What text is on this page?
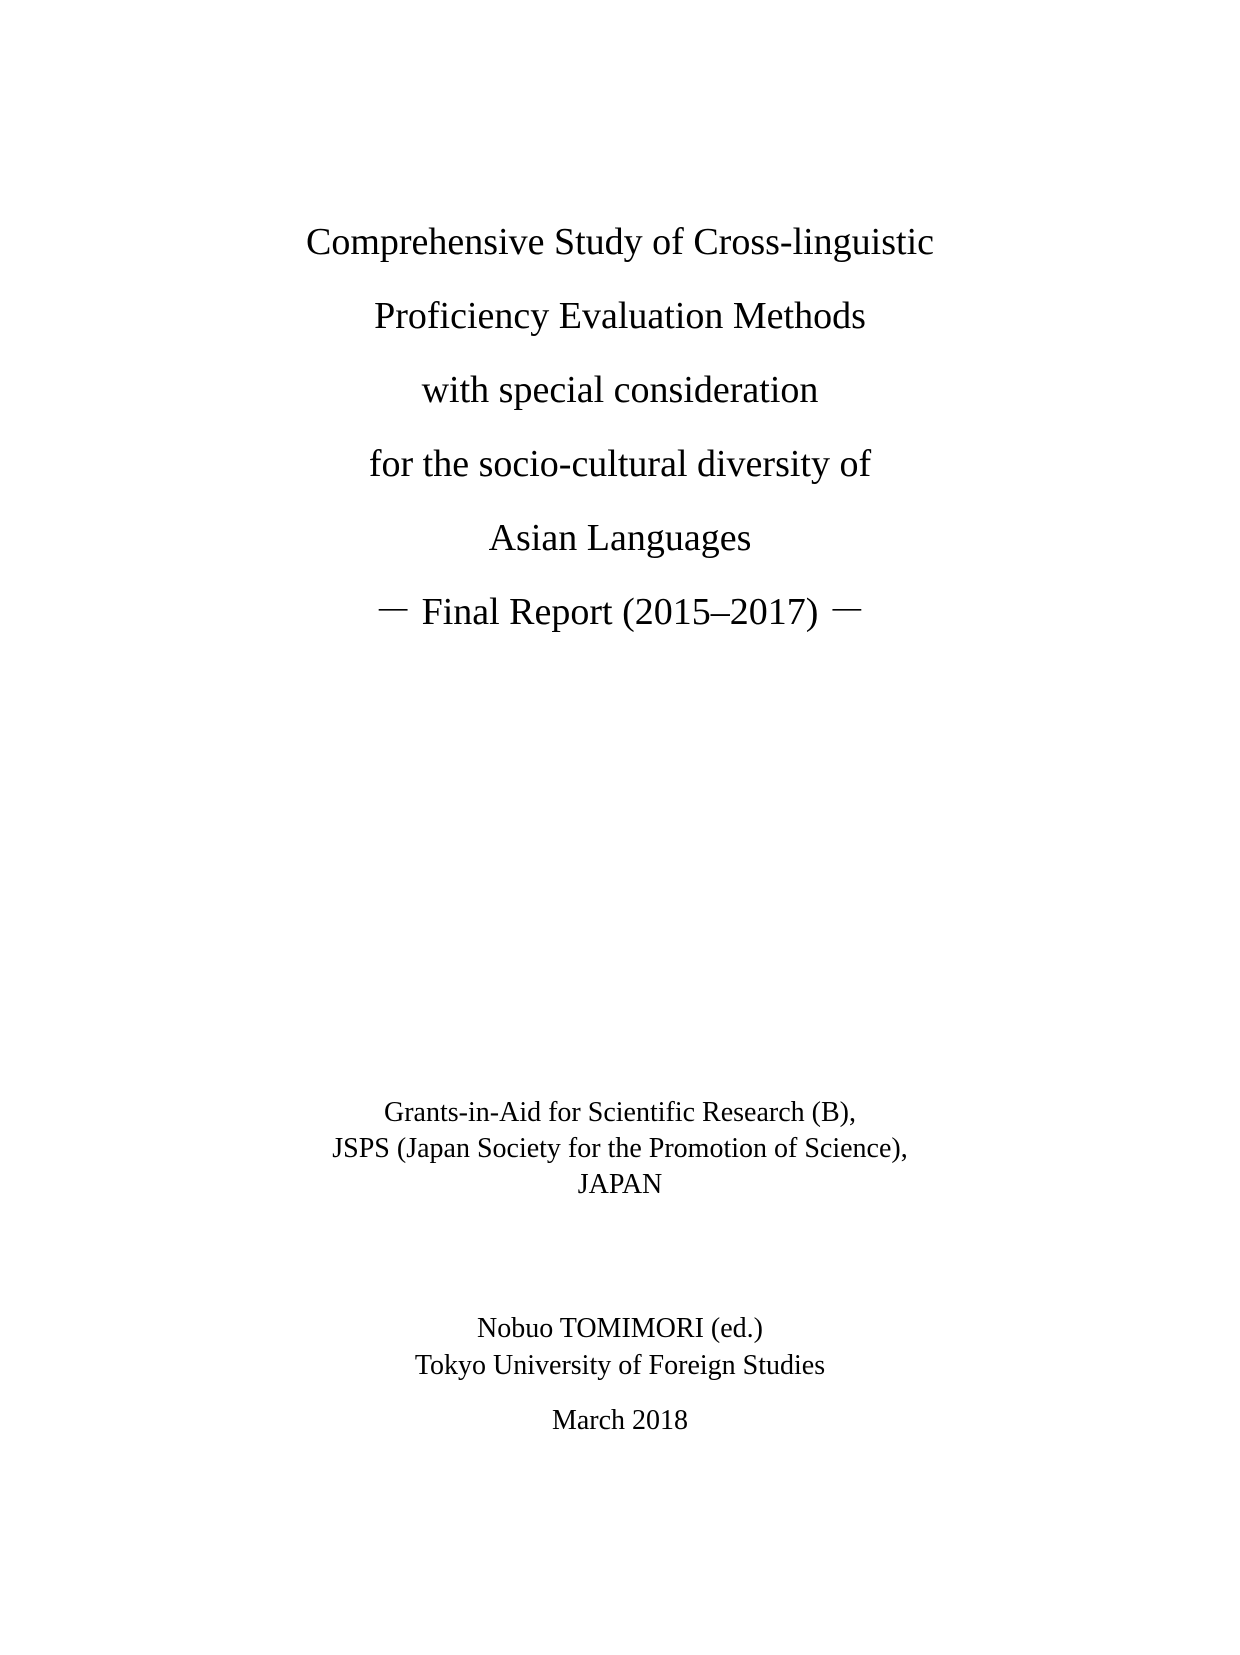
Comprehensive Study of Cross-linguistic
Proficiency Evaluation Methods
with special consideration
for the socio-cultural diversity of
Asian Languages
－ Final Report (2015–2017) －
Grants-in-Aid for Scientific Research (B),
JSPS (Japan Society for the Promotion of Science),
JAPAN
Nobuo TOMIMORI (ed.)
Tokyo University of Foreign Studies
March 2018
